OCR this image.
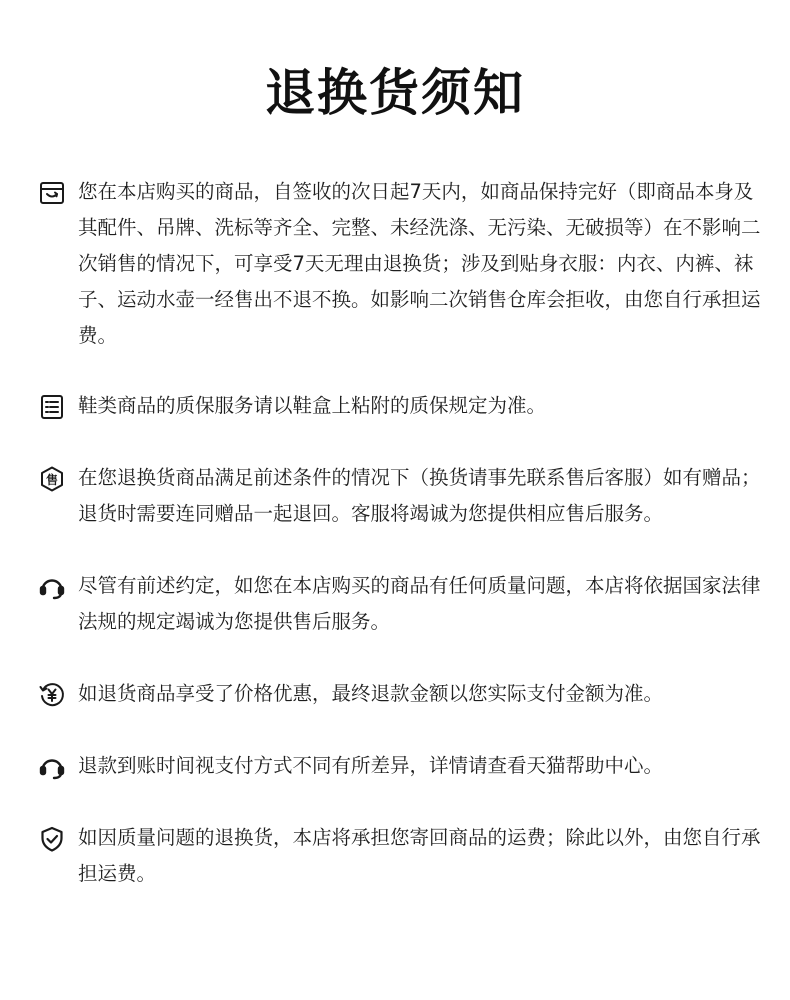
退换货须知
您在本店购买的商品，自签收的次日起7天内，如商品保持完好（即商品本身及其配件、吊牌、洗标等齐全、完整、未经洗涤、无污染、无破损等）在不影响二次销售的情况下，可享受7天无理由退换货；涉及到贴身衣服：内衣、内裤、袜子、运动水壶一经售出不退不换。如影响二次销售仓库会拒收，由您自行承担运费。
鞋类商品的质保服务请以鞋盒上粘附的质保规定为准。
售 在您退换货商品满足前述条件的情况下（换货请事先联系售后客服）如有赠品；退货时需要连同赠品一起退回。客服将竭诚为您提供相应售后服务。
尽管有前述约定，如您在本店购买的商品有任何质量问题，本店将依据国家法律法规的规定竭诚为您提供售后服务。
如退货商品享受了价格优惠，最终退款金额以您实际支付金额为准。
退款到账时间视支付方式不同有所差异，详情请查看天猫帮助中心。
如因质量问题的退换货，本店将承担您寄回商品的运费；除此以外，由您自行承担运费。
